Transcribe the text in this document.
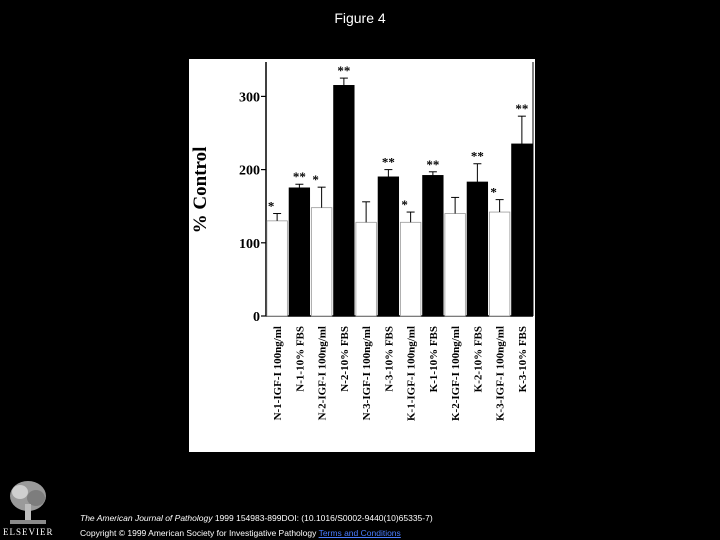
Figure 4
% Control
0
100
200
300
*
N-1-IGF-I 100ng/ml
**
N-1-10% FBS
*
N-2-IGF-I 100ng/ml
**
N-2-10% FBS N-3-IGF-I 100ng/ml
**
N-3-10% FBS
*
K-1-IGF-I 100ng/ml
**
K-1-10% FBS K-2-IGF-I 100ng/ml
**
K-2-10% FBS
*
K-3-IGF-I 100ng/ml
**
K-3-10% FBS
ELSEVIER
The American Journal of Pathology 1999 154983-899DOI: (10.1016/S0002-9440(10)65335-7)
Copyright © 1999 American Society for Investigative Pathology Terms and Conditions
